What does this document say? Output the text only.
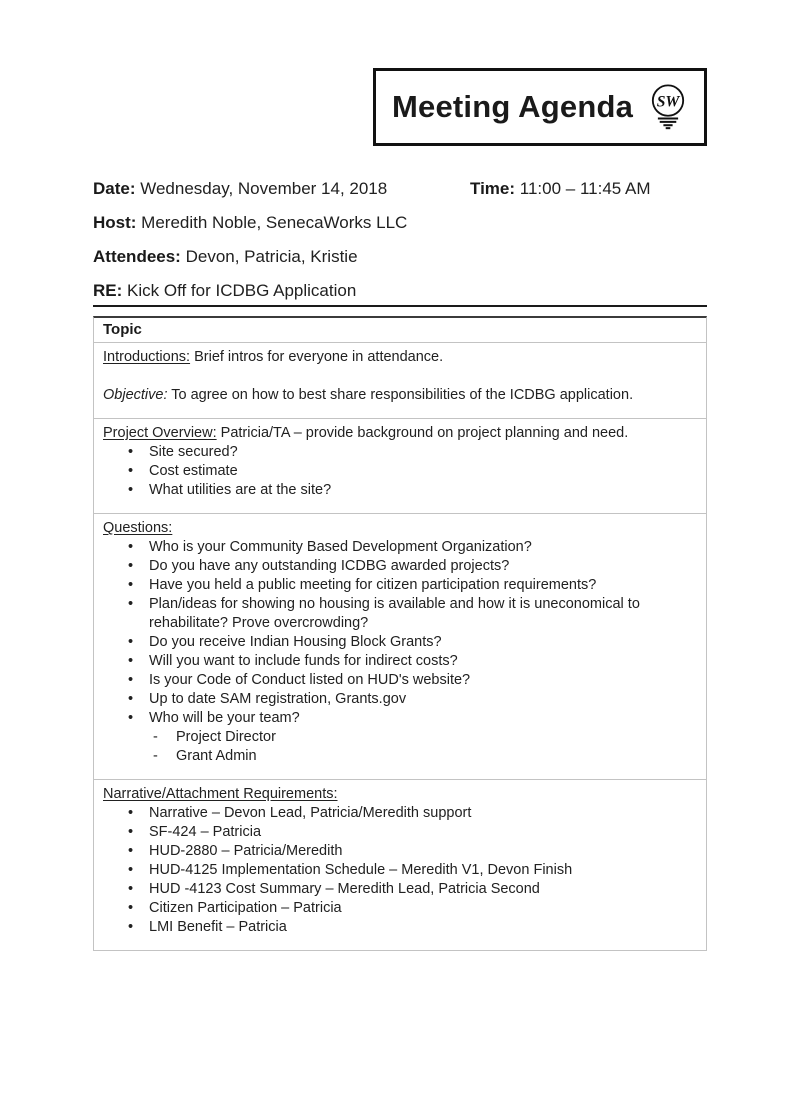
Meeting Agenda SW
Date: Wednesday, November 14, 2018	Time: 11:00 – 11:45 AM
Host: Meredith Noble, SenecaWorks LLC
Attendees: Devon, Patricia, Kristie
RE: Kick Off for ICDBG Application
Topic
Introductions: Brief intros for everyone in attendance.
Objective: To agree on how to best share responsibilities of the ICDBG application.
Project Overview: Patricia/TA – provide background on project planning and need.
• Site secured?
• Cost estimate
• What utilities are at the site?
Questions:
• Who is your Community Based Development Organization?
• Do you have any outstanding ICDBG awarded projects?
• Have you held a public meeting for citizen participation requirements?
• Plan/ideas for showing no housing is available and how it is uneconomical to rehabilitate? Prove overcrowding?
• Do you receive Indian Housing Block Grants?
• Will you want to include funds for indirect costs?
• Is your Code of Conduct listed on HUD's website?
• Up to date SAM registration, Grants.gov
• Who will be your team?
- Project Director
- Grant Admin
Narrative/Attachment Requirements:
• Narrative – Devon Lead, Patricia/Meredith support
• SF-424 – Patricia
• HUD-2880 – Patricia/Meredith
• HUD-4125 Implementation Schedule – Meredith V1, Devon Finish
• HUD -4123 Cost Summary – Meredith Lead, Patricia Second
• Citizen Participation – Patricia
• LMI Benefit – Patricia
